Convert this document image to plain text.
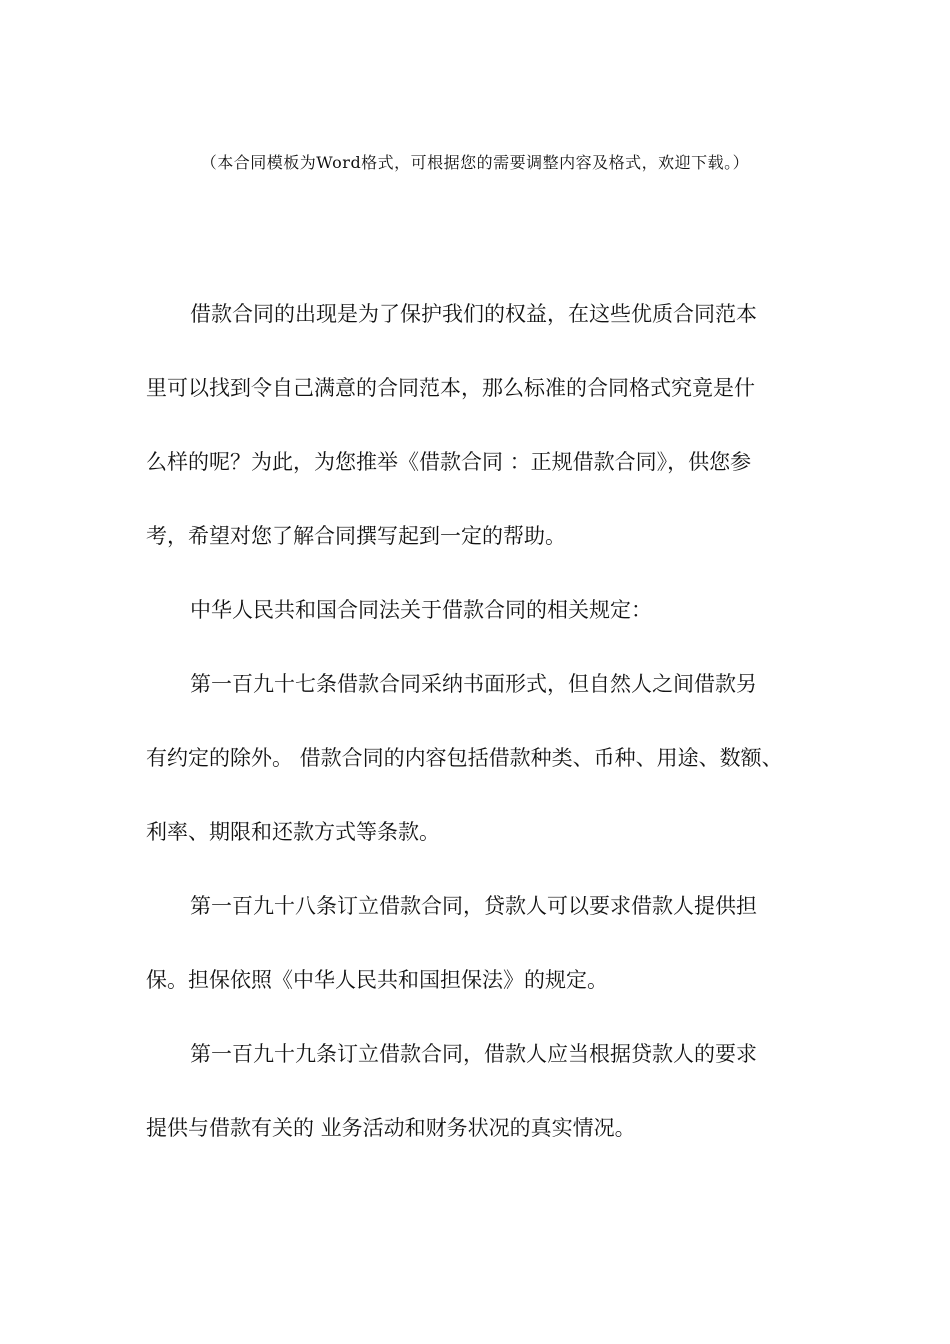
（本合同模板为Word格式，可根据您的需要调整内容及格式，欢迎下载。）
借款合同的出现是为了保护我们的权益，在这些优质合同范本
里可以找到令自己满意的合同范本，那么标准的合同格式究竟是什
么样的呢？为此，为您推举《借款合同 ：正规借款合同》，供您参
考，希望对您了解合同撰写起到一定的帮助。
中华人民共和国合同法关于借款合同的相关规定：
第一百九十七条借款合同采纳书面形式，但自然人之间借款另
有约定的除外。 借款合同的内容包括借款种类、币种、用途、数额、
利率、期限和还款方式等条款。
第一百九十八条订立借款合同，贷款人可以要求借款人提供担
保。担保依照《中华人民共和国担保法》的规定。
第一百九十九条订立借款合同，借款人应当根据贷款人的要求
提供与借款有关的 业务活动和财务状况的真实情况。
